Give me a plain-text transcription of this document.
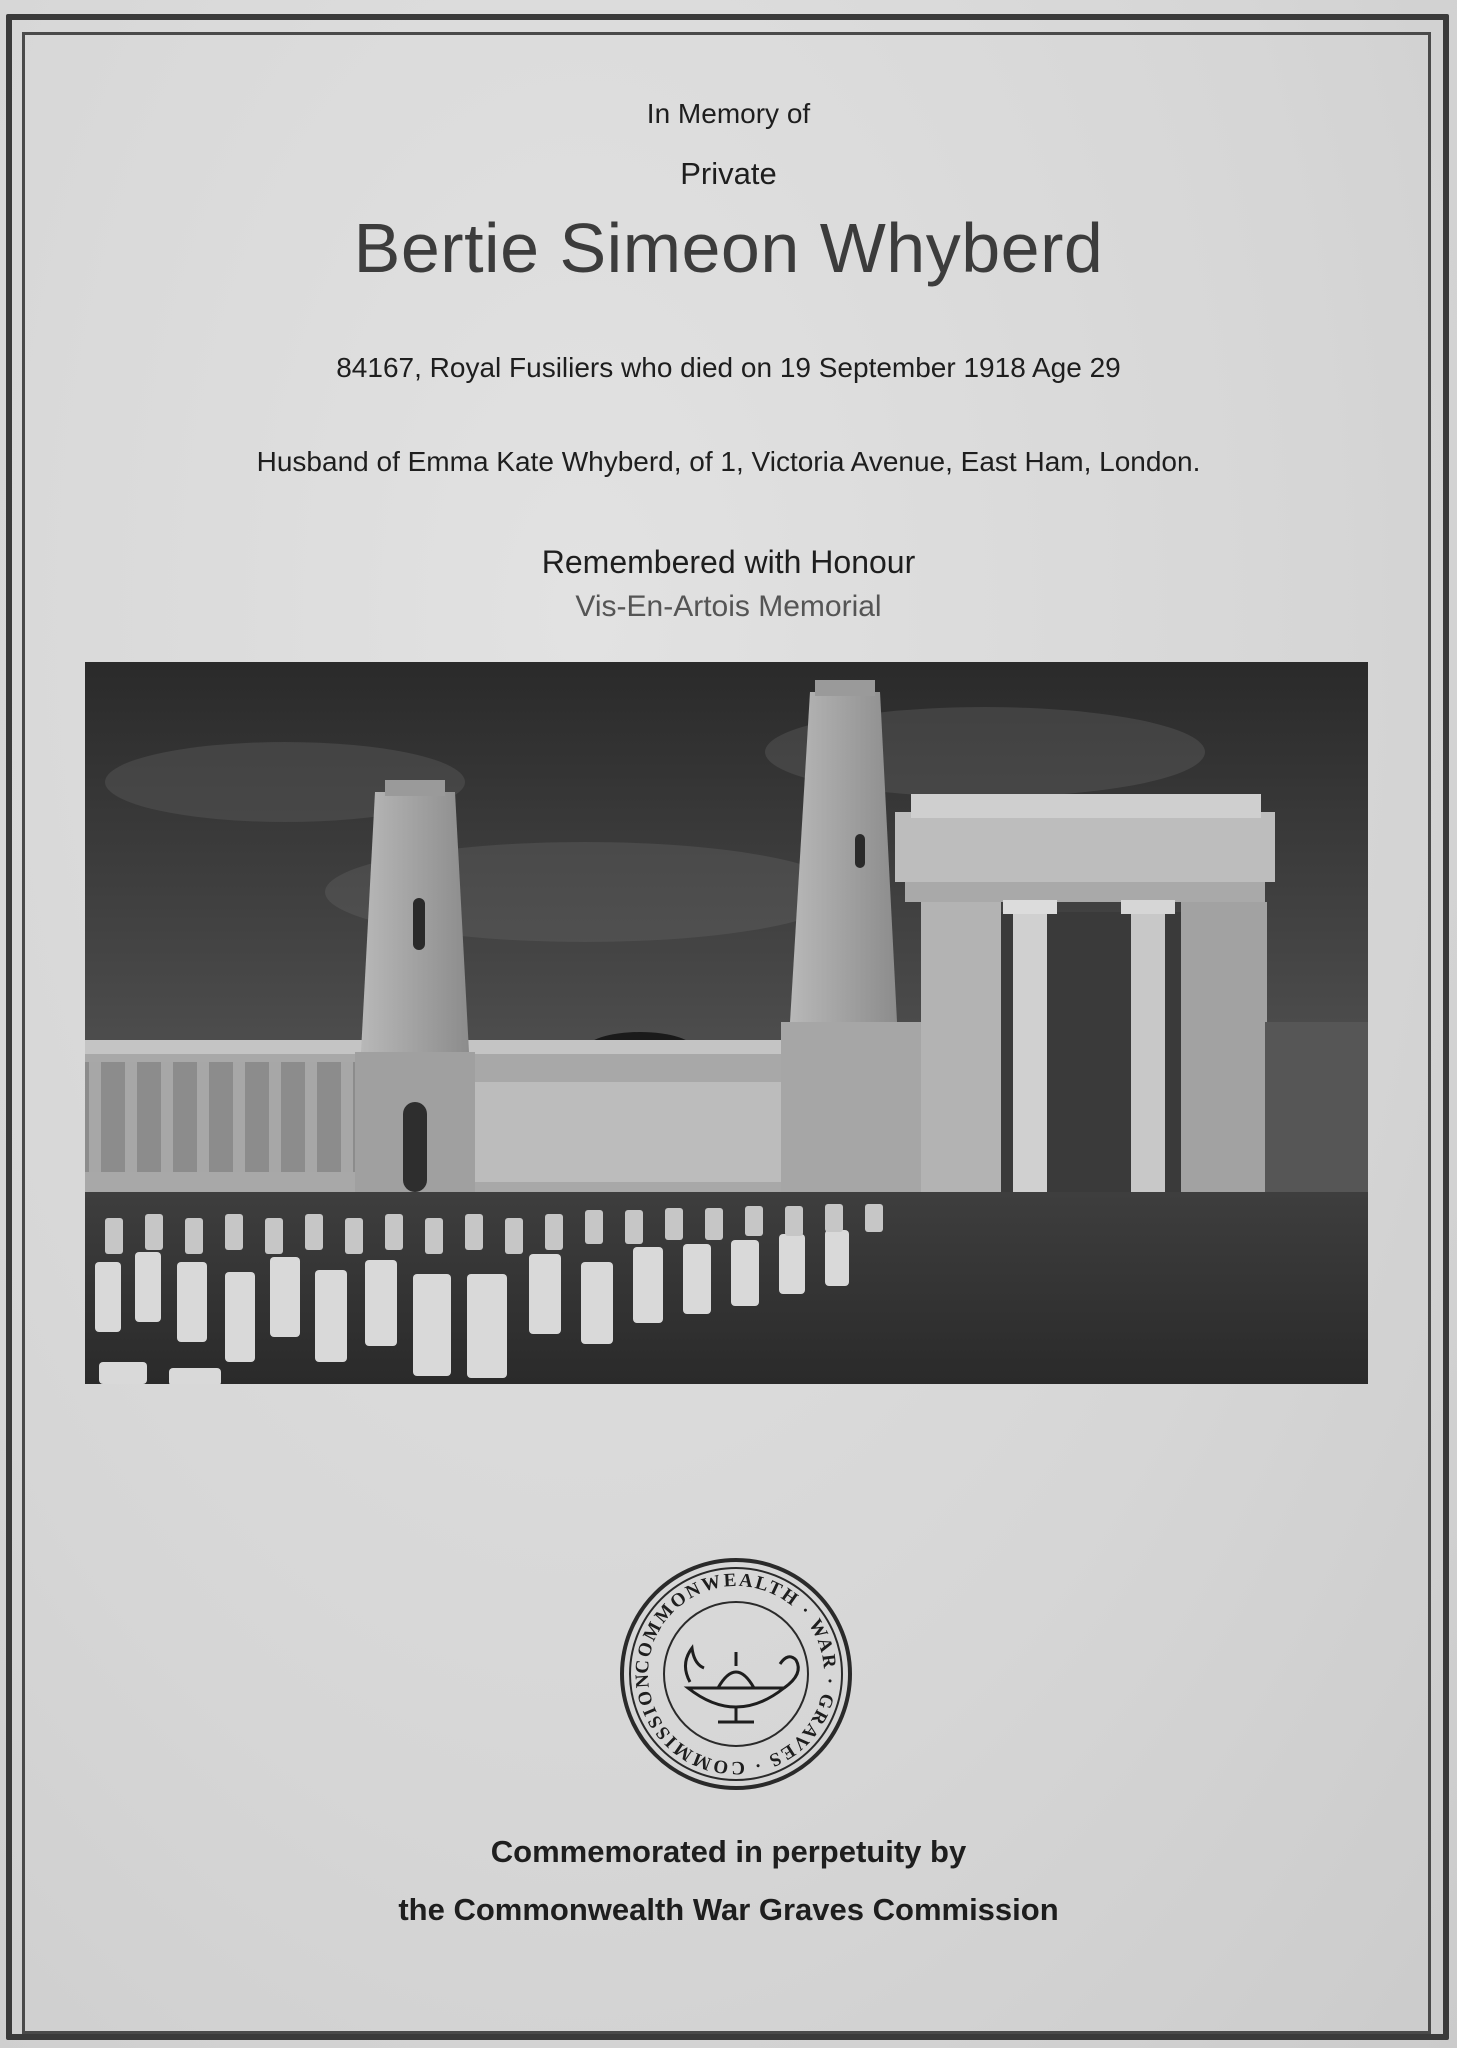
In Memory of
Private
Bertie Simeon Whyberd
84167, Royal Fusiliers who died on 19 September 1918 Age 29
Husband of Emma Kate Whyberd, of 1, Victoria Avenue, East Ham, London.
Remembered with Honour
Vis-En-Artois Memorial
COMMONWEALTH · WAR · GRAVES · COMMISSION
Commemorated in perpetuity by
the Commonwealth War Graves Commission
